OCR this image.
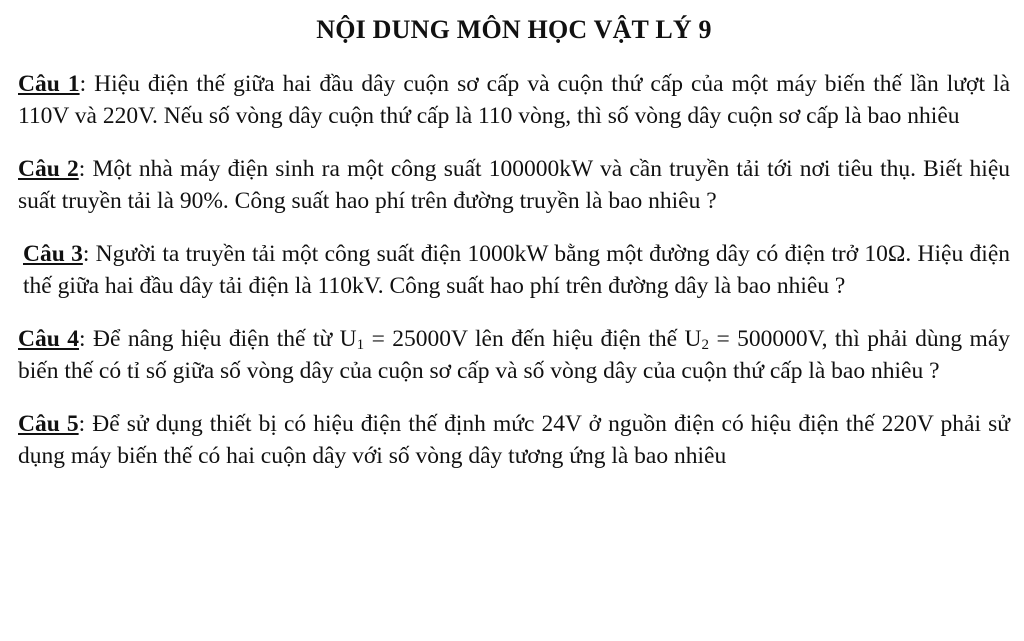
NỘI DUNG MÔN HỌC VẬT LÝ 9

Câu 1: Hiệu điện thế giữa hai đầu dây cuộn sơ cấp và cuộn thứ cấp của một máy biến thế lần lượt là 110V và 220V. Nếu số vòng dây cuộn thứ cấp là 110 vòng, thì số vòng dây cuộn sơ cấp là bao nhiêu

Câu 2: Một nhà máy điện sinh ra một công suất 100000kW và cần truyền tải tới nơi tiêu thụ. Biết hiệu suất truyền tải là 90%. Công suất hao phí trên đường truyền là bao nhiêu ?

Câu 3: Người ta truyền tải một công suất điện 1000kW bằng một đường dây có điện trở 10Ω. Hiệu điện thế giữa hai đầu dây tải điện là 110kV. Công suất hao phí trên đường dây là bao nhiêu ?

Câu 4: Để nâng hiệu điện thế từ $U_1 = 25000V$ lên đến hiệu điện thế $U_2 = 500000V$, thì phải dùng máy biến thế có tỉ số giữa số vòng dây của cuộn sơ cấp và số vòng dây của cuộn thứ cấp là bao nhiêu ?

Câu 5: Để sử dụng thiết bị có hiệu điện thế định mức 24V ở nguồn điện có hiệu điện thế 220V phải sử dụng máy biến thế có hai cuộn dây với số vòng dây tương ứng là bao nhiêu
